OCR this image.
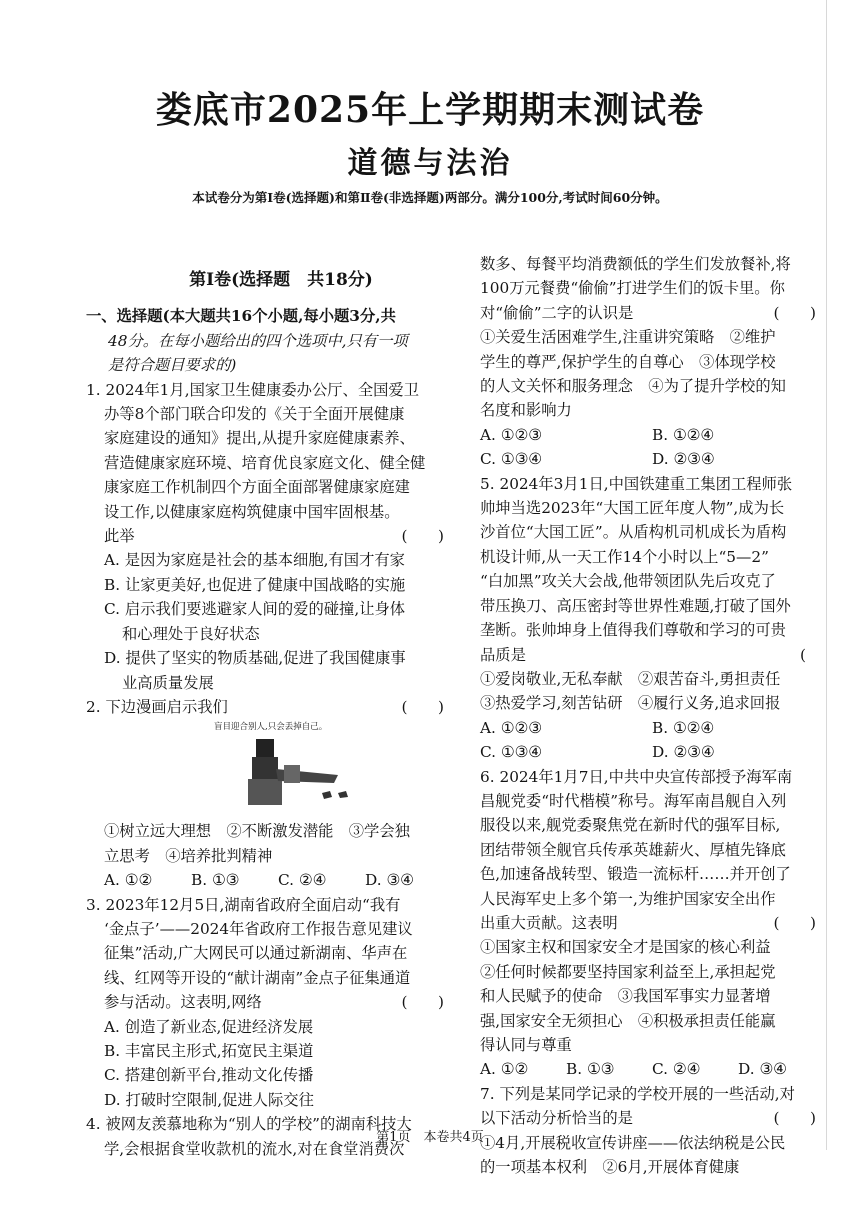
娄底市2025年上学期期末测试卷
道德与法治
本试卷分为第Ⅰ卷(选择题)和第Ⅱ卷(非选择题)两部分。满分100分,考试时间60分钟。
第Ⅰ卷(选择题　共18分)

一、选择题(本大题共16个小题,每小题3分,共

48分。在每小题给出的四个选项中,只有一项

是符合题目要求的)

1. 2024年1月,国家卫生健康委办公厅、全国爱卫

办等8个部门联合印发的《关于全面开展健康

家庭建设的通知》提出,从提升家庭健康素养、

营造健康家庭环境、培育优良家庭文化、健全健

康家庭工作机制四个方面全面部署健康家庭建

设工作,以健康家庭构筑健康中国牢固根基。

此举	(　　)

A. 是因为家庭是社会的基本细胞,有国才有家

B. 让家更美好,也促进了健康中国战略的实施

C. 启示我们要逃避家人间的爱的碰撞,让身体

和心理处于良好状态

D. 提供了坚实的物质基础,促进了我国健康事

业高质量发展

2. 下边漫画启示我们	(　　)

盲目迎合别人,只会丢掉自己。

①树立远大理想　②不断激发潜能　③学会独

立思考　④培养批判精神

A. ①②	B. ①③	C. ②④	D. ③④

3. 2023年12月5日,湖南省政府全面启动“我有

‘金点子’——2024年省政府工作报告意见建议

征集”活动,广大网民可以通过新湖南、华声在

线、红网等开设的“献计湖南”金点子征集通道

参与活动。这表明,网络	(　　)

A. 创造了新业态,促进经济发展

B. 丰富民主形式,拓宽民主渠道

C. 搭建创新平台,推动文化传播

D. 打破时空限制,促进人际交往

4. 被网友羡慕地称为“别人的学校”的湖南科技大

学,会根据食堂收款机的流水,对在食堂消费次

数多、每餐平均消费额低的学生们发放餐补,将

100万元餐费“偷偷”打进学生们的饭卡里。你

对“偷偷”二字的认识是	(　　)

①关爱生活困难学生,注重讲究策略　②维护

学生的尊严,保护学生的自尊心　③体现学校

的人文关怀和服务理念　④为了提升学校的知

名度和影响力

A. ①②③	B. ①②④
C. ①③④	D. ②③④

5. 2024年3月1日,中国铁建重工集团工程师张

帅坤当选2023年“大国工匠年度人物”,成为长

沙首位“大国工匠”。从盾构机司机成长为盾构

机设计师,从一天工作14个小时以上“5—2”

“白加黑”攻关大会战,他带领团队先后攻克了

带压换刀、高压密封等世界性难题,打破了国外

垄断。张帅坤身上值得我们尊敬和学习的可贵

品质是	(

①爱岗敬业,无私奉献　②艰苦奋斗,勇担责任

③热爱学习,刻苦钻研　④履行义务,追求回报

A. ①②③	B. ①②④
C. ①③④	D. ②③④

6. 2024年1月7日,中共中央宣传部授予海军南

昌舰党委“时代楷模”称号。海军南昌舰自入列

服役以来,舰党委聚焦党在新时代的强军目标,

团结带领全舰官兵传承英雄薪火、厚植先锋底

色,加速备战转型、锻造一流标杆……并开创了

人民海军史上多个第一,为维护国家安全出作

出重大贡献。这表明	(　　)

①国家主权和国家安全才是国家的核心利益

②任何时候都要坚持国家利益至上,承担起党

和人民赋予的使命　③我国军事实力显著增

强,国家安全无须担心　④积极承担责任能赢

得认同与尊重

A. ①②	B. ①③	C. ②④	D. ③④

7. 下列是某同学记录的学校开展的一些活动,对

以下活动分析恰当的是	(　　)

①4月,开展税收宣传讲座——依法纳税是公民

的一项基本权利　②6月,开展体育健康

第1页　本卷共4页
